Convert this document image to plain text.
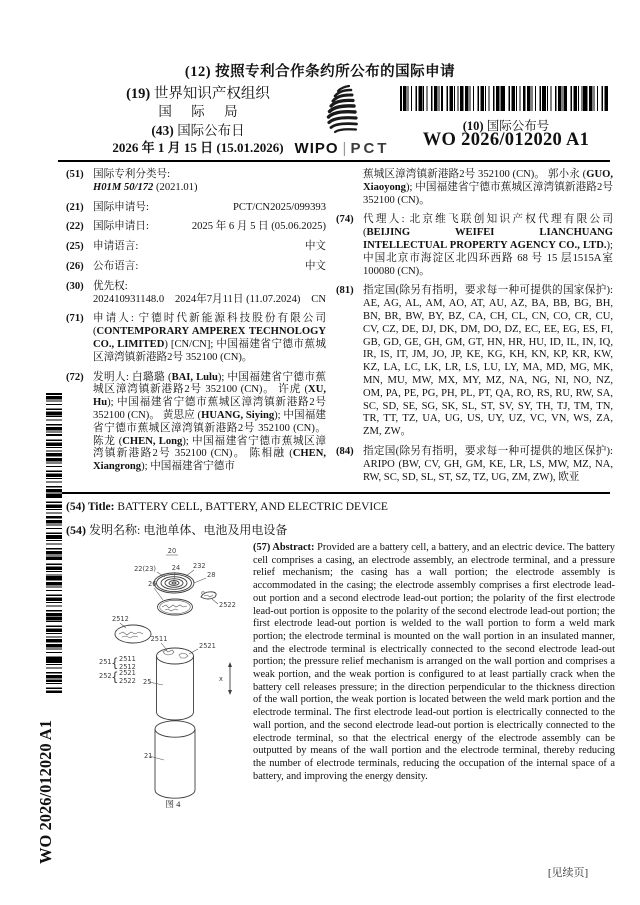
(12) 按照专利合作条约所公布的国际申请
(19) 世界知识产权组织
国 际 局
(43) 国际公布日
2026 年 1 月 15 日 (15.01.2026) WIPO | PCT
(10) 国际公布号
WO 2026/012020 A1
(51) 国际专利分类号:
H01M 50/172 (2021.01)
(21) 国际申请号:	PCT/CN2025/099393
(22) 国际申请日:	2025 年 6 月 5 日 (05.06.2025)
(25) 申请语言:	中文
(26) 公布语言:	中文
(30) 优先权:
202410931148.0 2024年7月11日 (11.07.2024) CN
(71) 申请人: 宁德时代新能源科技股份有限公司 (CONTEMPORARY AMPEREX TECHNOLOGY CO., LIMITED) [CN/CN]; 中国福建省宁德市蕉城区漳湾镇新港路2号 352100 (CN)。
(72) 发明人: 白璐璐 (BAI, Lulu); 中国福建省宁德市蕉城区漳湾镇新港路2号 352100 (CN)。 许虎 (XU, Hu); 中国福建省宁德市蕉城区漳湾镇新港路2号 352100 (CN)。 黄思应 (HUANG, Siying); 中国福建省宁德市蕉城区漳湾镇新港路2号 352100 (CN)。 陈龙 (CHEN, Long); 中国福建省宁德市蕉城区漳湾镇新港路2号 352100 (CN)。 陈相融 (CHEN, Xiangrong); 中国福建省宁德市
蕉城区漳湾镇新港路2号 352100 (CN)。 郭小永 (GUO, Xiaoyong); 中国福建省宁德市蕉城区漳湾镇新港路2号 352100 (CN)。
(74) 代理人: 北京维飞联创知识产权代理有限公司 (BEIJING WEIFEI LIANCHUANG INTELLECTUAL PROPERTY AGENCY CO., LTD.); 中国北京市海淀区北四环西路 68 号 15 层1515A室 100080 (CN)。
(81) 指定国(除另有指明，要求每一种可提供的国家保护): AE, AG, AL, AM, AO, AT, AU, AZ, BA, BB, BG, BH, BN, BR, BW, BY, BZ, CA, CH, CL, CN, CO, CR, CU, CV, CZ, DE, DJ, DK, DM, DO, DZ, EC, EE, EG, ES, FI, GB, GD, GE, GH, GM, GT, HN, HR, HU, ID, IL, IN, IQ, IR, IS, IT, JM, JO, JP, KE, KG, KH, KN, KP, KR, KW, KZ, LA, LC, LK, LR, LS, LU, LY, MA, MD, MG, MK, MN, MU, MW, MX, MY, MZ, NA, NG, NI, NO, NZ, OM, PA, PE, PG, PH, PL, PT, QA, RO, RS, RU, RW, SA, SC, SD, SE, SG, SK, SL, ST, SV, SY, TH, TJ, TM, TN, TR, TT, TZ, UA, UG, US, UY, UZ, VC, VN, WS, ZA, ZM, ZW。
(84) 指定国(除另有指明，要求每一种可提供的地区保护): ARIPO (BW, CV, GH, GM, KE, LR, LS, MW, MZ, NA, RW, SC, SD, SL, ST, SZ, TZ, UG, ZM, ZW), 欧亚
(54) Title: BATTERY CELL, BATTERY, AND ELECTRIC DEVICE
(54) 发明名称: 电池单体、电池及用电设备
(57) Abstract: Provided are a battery cell, a battery, and an electric device. The battery cell comprises a casing, an electrode assembly, an electrode terminal, and a pressure relief mechanism; the casing has a wall portion; the electrode assembly is accommodated in the casing; the electrode assembly comprises a first electrode lead-out portion and a second electrode lead-out portion; the polarity of the first electrode lead-out portion is opposite to the polarity of the second electrode lead-out portion; the first electrode lead-out portion is welded to the wall portion to form a weld mark portion; the electrode terminal is mounted on the wall portion in an insulated manner, and the electrode terminal is electrically connected to the second electrode lead-out portion; the pressure relief mechanism is arranged on the wall portion and comprises a weak portion, and the weak portion is configured to at least partially crack when the battery cell releases pressure; in the direction perpendicular to the thickness direction of the wall portion, the weak portion is located between the weld mark portion and the electrode terminal. The first electrode lead-out portion is electrically connected to the wall portion, and the second electrode lead-out portion is electrically connected to the electrode terminal, so that the electrical energy of the electrode assembly can be outputted by means of the wall portion and the electrode terminal, thereby reducing the number of electrode terminals, reducing the occupation of the internal space of a battery, and improving the energy density.
WO 2026/012020 A1
20
22(23) 24 232
28
26
2522
2512
2511
2521
251 { 2511
2512
252 { 2521
2522 25	x
21
图 4
[见续页]
